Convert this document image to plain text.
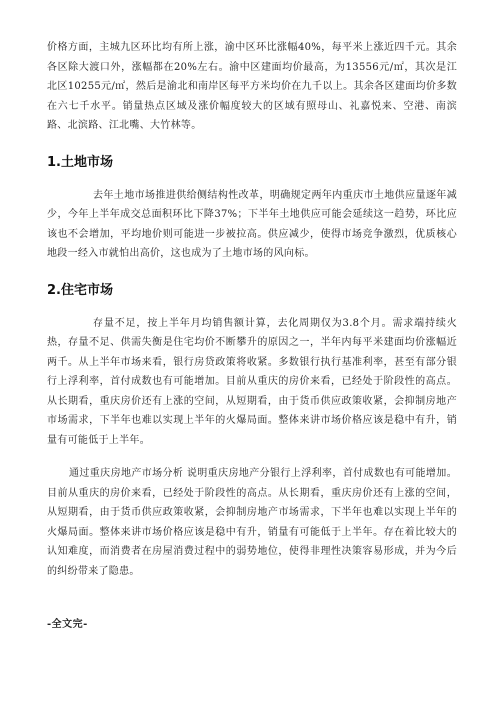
价格方面，主城九区环比均有所上涨，渝中区环比涨幅40%，每平米上涨近四千元。其余各区除大渡口外，涨幅都在20%左右。渝中区建面均价最高，为13556元/㎡，其次是江北区10255元/㎡，然后是渝北和南岸区每平方米均价在九千以上。其余各区建面均价多数在六七千水平。销量热点区域及涨价幅度较大的区域有照母山、礼嘉悦来、空港、南滨路、北滨路、江北嘴、大竹林等。

1.土地市场

去年土地市场推进供给侧结构性改革，明确规定两年内重庆市土地供应量逐年减少，今年上半年成交总面积环比下降37%；下半年土地供应可能会延续这一趋势，环比应该也不会增加，平均地价则可能进一步被拉高。供应减少，使得市场竞争激烈，优质核心地段一经入市就怕出高价，这也成为了土地市场的风向标。

2.住宅市场

存量不足，按上半年月均销售额计算，去化周期仅为3.8个月。需求端持续火热，存量不足、供需失衡是住宅均价不断攀升的原因之一，半年内每平米建面均价涨幅近两千。从上半年市场来看，银行房贷政策将收紧。多数银行执行基准利率，甚至有部分银行上浮利率，首付成数也有可能增加。目前从重庆的房价来看，已经处于阶段性的高点。从长期看，重庆房价还有上涨的空间，从短期看，由于货币供应政策收紧，会抑制房地产市场需求，下半年也难以实现上半年的火爆局面。整体来讲市场价格应该是稳中有升，销量有可能低于上半年。

通过重庆房地产市场分析 说明重庆房地产分银行上浮利率，首付成数也有可能增加。目前从重庆的房价来看，已经处于阶段性的高点。从长期看，重庆房价还有上涨的空间，从短期看，由于货币供应政策收紧，会抑制房地产市场需求，下半年也难以实现上半年的火爆局面。整体来讲市场价格应该是稳中有升，销量有可能低于上半年。存在着比较大的认知难度，而消费者在房屋消费过程中的弱势地位，使得非理性决策容易形成，并为今后的纠纷带来了隐患。

-全文完-
